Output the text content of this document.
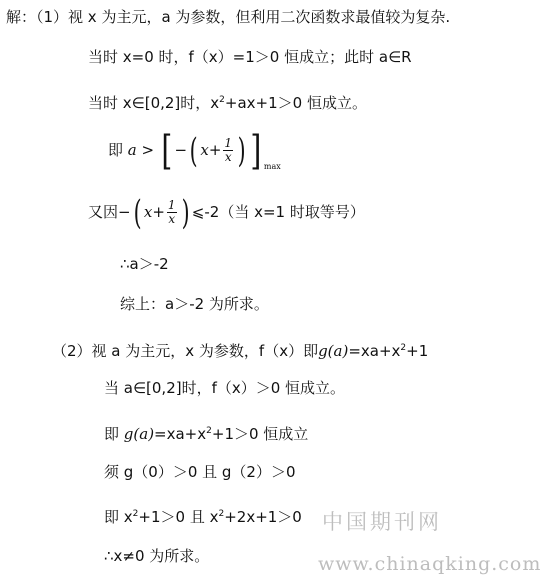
解：（1）视 x 为主元，a 为参数，但利用二次函数求最值较为复杂.
当时 x=0 时，f（x）=1＞0 恒成立；此时 a∈R
当时 x∈[0,2]时，$x^2+ax+1>0$ 恒成立。
即 a > [ −( $x+ \frac{1}{x}$ ) ] $_{max}$
又因−( $x+ \frac{1}{x}$ ) ⩽-2（当 x=1 时取等号）
∴a＞-2
综上：a＞-2 为所求。
（2）视 a 为主元，x 为参数，f（x）即$g(a)=xa+x^2+1$
当 a∈[0,2]时，f（x）＞0 恒成立。
即 $g(a)=xa+x^2+1>0$ 恒成立
须 g（0）＞0 且 g（2）＞0
即 $x^2+1>0$ 且 $x^2+2x+1>0$
∴x≠0 为所求。
中国期刊网
www.chinaqking.com
